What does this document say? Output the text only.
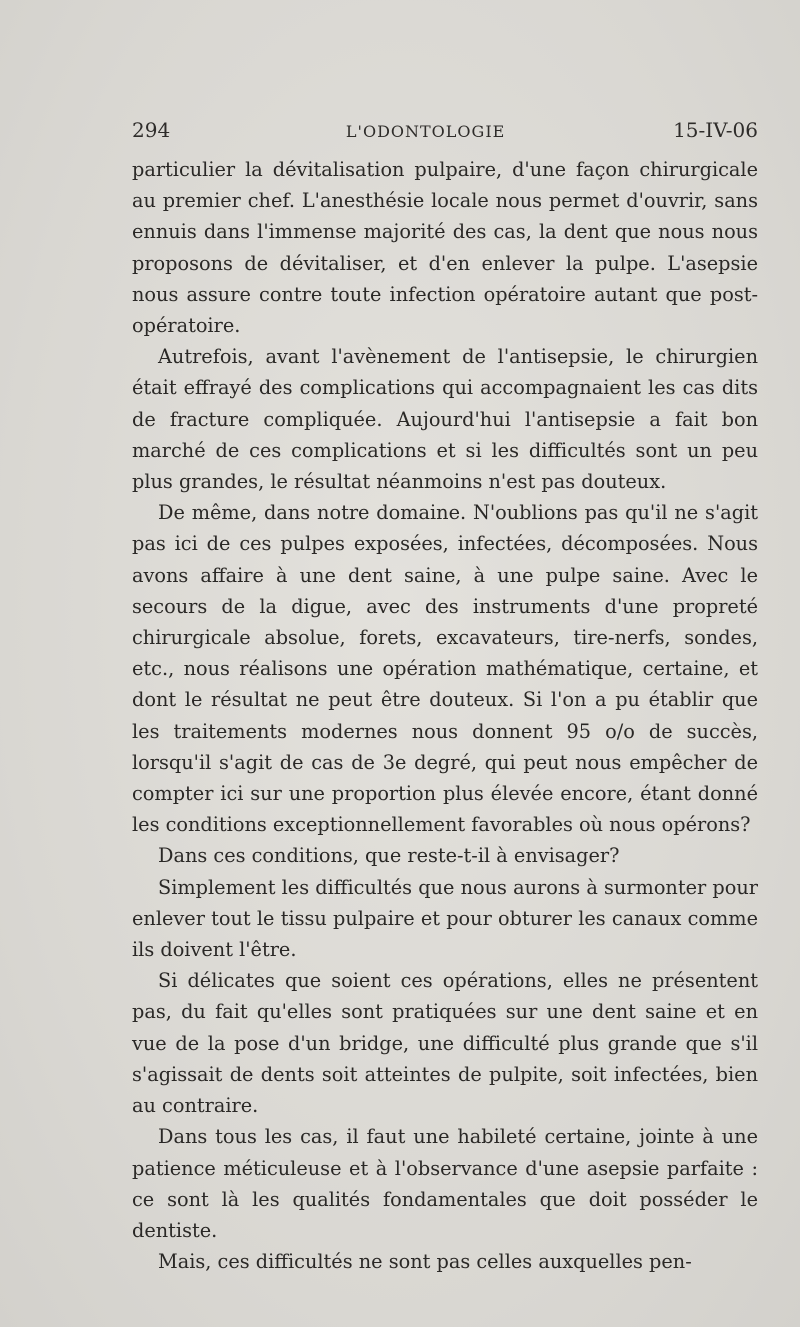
294	L'ODONTOLOGIE	15-IV-06

particulier la dévitalisation pulpaire, d'une façon chirurgicale au premier chef. L'anesthésie locale nous permet d'ouvrir, sans ennuis dans l'immense majorité des cas, la dent que nous nous proposons de dévitaliser, et d'en enlever la pulpe. L'asepsie nous assure contre toute infection opératoire autant que post-opératoire.

Autrefois, avant l'avènement de l'antisepsie, le chirurgien était effrayé des complications qui accompagnaient les cas dits de fracture compliquée. Aujourd'hui l'antisepsie a fait bon marché de ces complications et si les difficultés sont un peu plus grandes, le résultat néanmoins n'est pas douteux.

De même, dans notre domaine. N'oublions pas qu'il ne s'agit pas ici de ces pulpes exposées, infectées, décomposées. Nous avons affaire à une dent saine, à une pulpe saine. Avec le secours de la digue, avec des instruments d'une propreté chirurgicale absolue, forets, excavateurs, tire-nerfs, sondes, etc., nous réalisons une opération mathématique, certaine, et dont le résultat ne peut être douteux. Si l'on a pu établir que les traitements modernes nous donnent 95 o/o de succès, lorsqu'il s'agit de cas de 3e degré, qui peut nous empêcher de compter ici sur une proportion plus élevée encore, étant donné les conditions exceptionnellement favorables où nous opérons?

Dans ces conditions, que reste-t-il à envisager?

Simplement les difficultés que nous aurons à surmonter pour enlever tout le tissu pulpaire et pour obturer les canaux comme ils doivent l'être.

Si délicates que soient ces opérations, elles ne présentent pas, du fait qu'elles sont pratiquées sur une dent saine et en vue de la pose d'un bridge, une difficulté plus grande que s'il s'agissait de dents soit atteintes de pulpite, soit infectées, bien au contraire.

Dans tous les cas, il faut une habileté certaine, jointe à une patience méticuleuse et à l'observance d'une asepsie parfaite : ce sont là les qualités fondamentales que doit posséder le dentiste.

Mais, ces difficultés ne sont pas celles auxquelles pen-
